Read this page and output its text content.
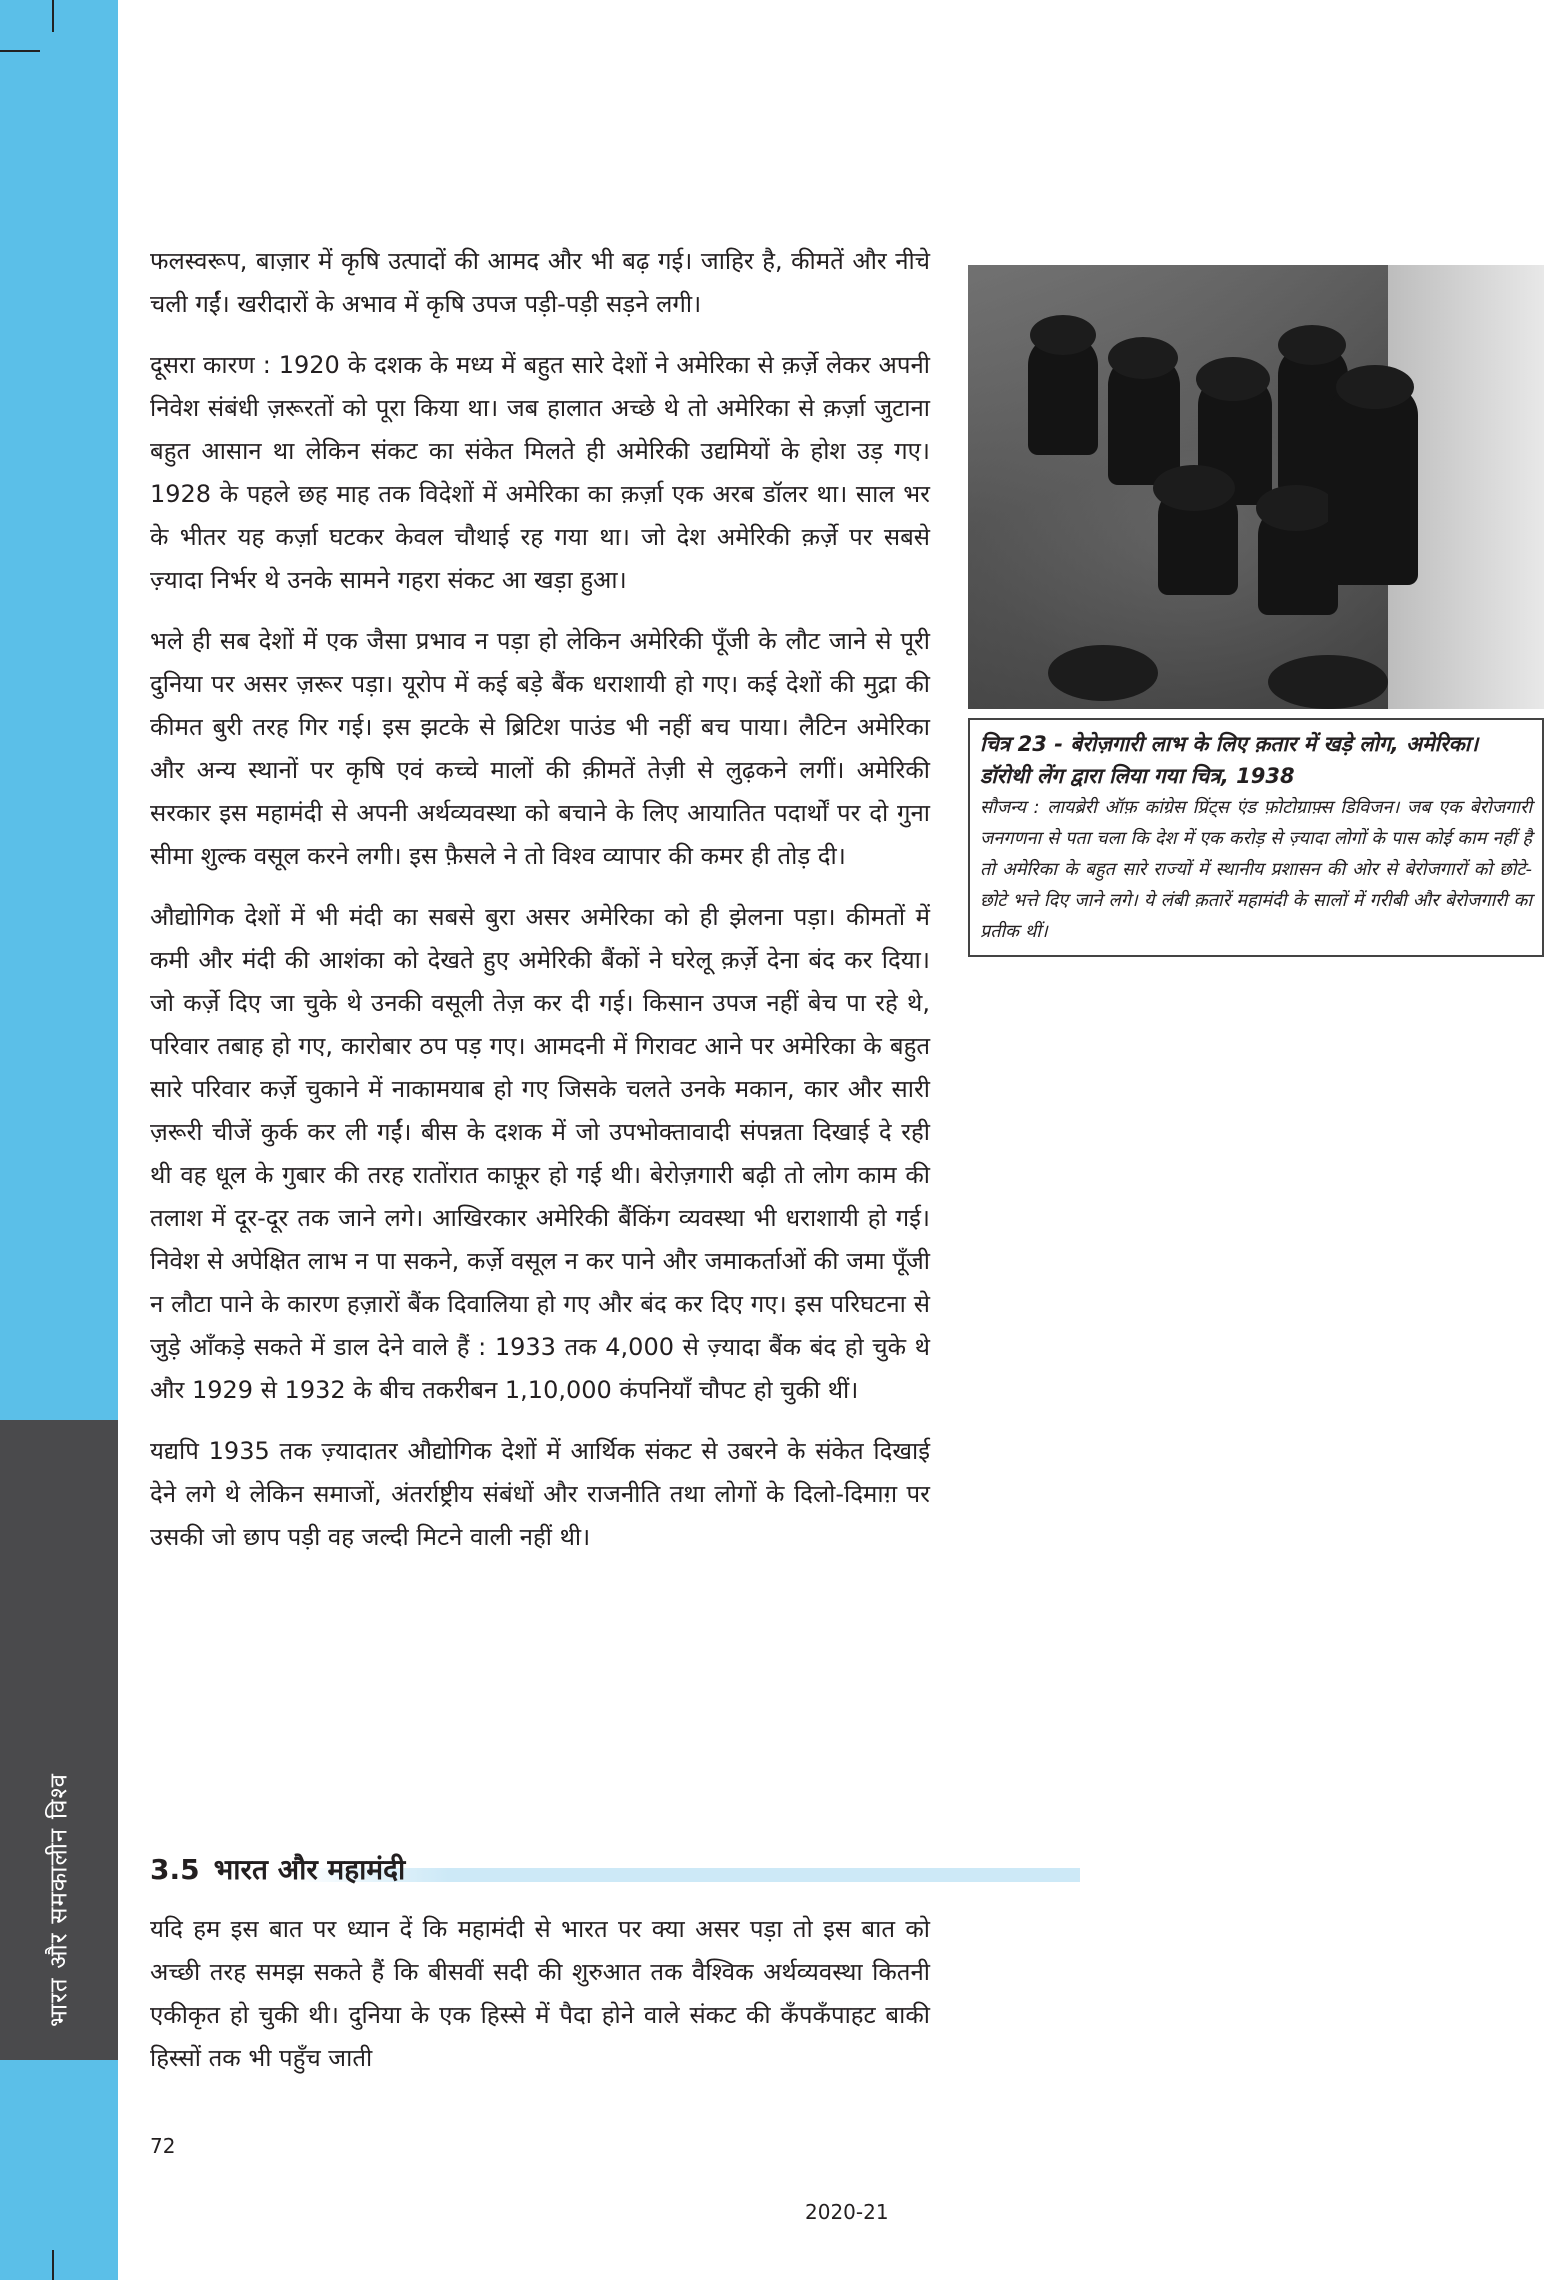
भारत और समकालीन विश्व

फलस्वरूप, बाज़ार में कृषि उत्पादों की आमद और भी बढ़ गई। जाहिर है, कीमतें और नीचे चली गईं। खरीदारों के अभाव में कृषि उपज पड़ी-पड़ी सड़ने लगी।

दूसरा कारण : 1920 के दशक के मध्य में बहुत सारे देशों ने अमेरिका से क़र्ज़े लेकर अपनी निवेश संबंधी ज़रूरतों को पूरा किया था। जब हालात अच्छे थे तो अमेरिका से क़र्ज़ा जुटाना बहुत आसान था लेकिन संकट का संकेत मिलते ही अमेरिकी उद्यमियों के होश उड़ गए। 1928 के पहले छह माह तक विदेशों में अमेरिका का क़र्ज़ा एक अरब डॉलर था। साल भर के भीतर यह कर्ज़ा घटकर केवल चौथाई रह गया था। जो देश अमेरिकी क़र्ज़े पर सबसे ज़्यादा निर्भर थे उनके सामने गहरा संकट आ खड़ा हुआ।

भले ही सब देशों में एक जैसा प्रभाव न पड़ा हो लेकिन अमेरिकी पूँजी के लौट जाने से पूरी दुनिया पर असर ज़रूर पड़ा। यूरोप में कई बड़े बैंक धराशायी हो गए। कई देशों की मुद्रा की कीमत बुरी तरह गिर गई। इस झटके से ब्रिटिश पाउंड भी नहीं बच पाया। लैटिन अमेरिका और अन्य स्थानों पर कृषि एवं कच्चे मालों की क़ीमतें तेज़ी से लुढ़कने लगीं। अमेरिकी सरकार इस महामंदी से अपनी अर्थव्यवस्था को बचाने के लिए आयातित पदार्थों पर दो गुना सीमा शुल्क वसूल करने लगी। इस फ़ैसले ने तो विश्व व्यापार की कमर ही तोड़ दी।

औद्योगिक देशों में भी मंदी का सबसे बुरा असर अमेरिका को ही झेलना पड़ा। कीमतों में कमी और मंदी की आशंका को देखते हुए अमेरिकी बैंकों ने घरेलू क़र्ज़े देना बंद कर दिया। जो कर्ज़े दिए जा चुके थे उनकी वसूली तेज़ कर दी गई। किसान उपज नहीं बेच पा रहे थे, परिवार तबाह हो गए, कारोबार ठप पड़ गए। आमदनी में गिरावट आने पर अमेरिका के बहुत सारे परिवार कर्ज़े चुकाने में नाकामयाब हो गए जिसके चलते उनके मकान, कार और सारी ज़रूरी चीजें कुर्क कर ली गईं। बीस के दशक में जो उपभोक्तावादी संपन्नता दिखाई दे रही थी वह धूल के गुबार की तरह रातोंरात काफ़ूर हो गई थी। बेरोज़गारी बढ़ी तो लोग काम की तलाश में दूर-दूर तक जाने लगे। आखिरकार अमेरिकी बैंकिंग व्यवस्था भी धराशायी हो गई। निवेश से अपेक्षित लाभ न पा सकने, कर्ज़े वसूल न कर पाने और जमाकर्ताओं की जमा पूँजी न लौटा पाने के कारण हज़ारों बैंक दिवालिया हो गए और बंद कर दिए गए। इस परिघटना से जुड़े आँकड़े सकते में डाल देने वाले हैं : 1933 तक 4,000 से ज़्यादा बैंक बंद हो चुके थे और 1929 से 1932 के बीच तकरीबन 1,10,000 कंपनियाँ चौपट हो चुकी थीं।

यद्यपि 1935 तक ज़्यादातर औद्योगिक देशों में आर्थिक संकट से उबरने के संकेत दिखाई देने लगे थे लेकिन समाजों, अंतर्राष्ट्रीय संबंधों और राजनीति तथा लोगों के दिलो-दिमाग़ पर उसकी जो छाप पड़ी वह जल्दी मिटने वाली नहीं थी।

3.5 भारत और महामंदी

यदि हम इस बात पर ध्यान दें कि महामंदी से भारत पर क्या असर पड़ा तो इस बात को अच्छी तरह समझ सकते हैं कि बीसवीं सदी की शुरुआत तक वैश्विक अर्थव्यवस्था कितनी एकीकृत हो चुकी थी। दुनिया के एक हिस्से में पैदा होने वाले संकट की कँपकँपाहट बाकी हिस्सों तक भी पहुँच जाती

चित्र 23 - बेरोज़गारी लाभ के लिए क़तार में खड़े लोग, अमेरिका। डॉरोथी लेंग द्वारा लिया गया चित्र, 1938
सौजन्य : लायब्रेरी ऑफ़ कांग्रेस प्रिंट्स एंड फ़ोटोग्राफ़्स डिविजन। जब एक बेरोजगारी जनगणना से पता चला कि देश में एक करोड़ से ज़्यादा लोगों के पास कोई काम नहीं है तो अमेरिका के बहुत सारे राज्यों में स्थानीय प्रशासन की ओर से बेरोजगारों को छोटे-छोटे भत्ते दिए जाने लगे। ये लंबी क़तारें महामंदी के सालों में गरीबी और बेरोजगारी का प्रतीक थीं।
72
2020-21
